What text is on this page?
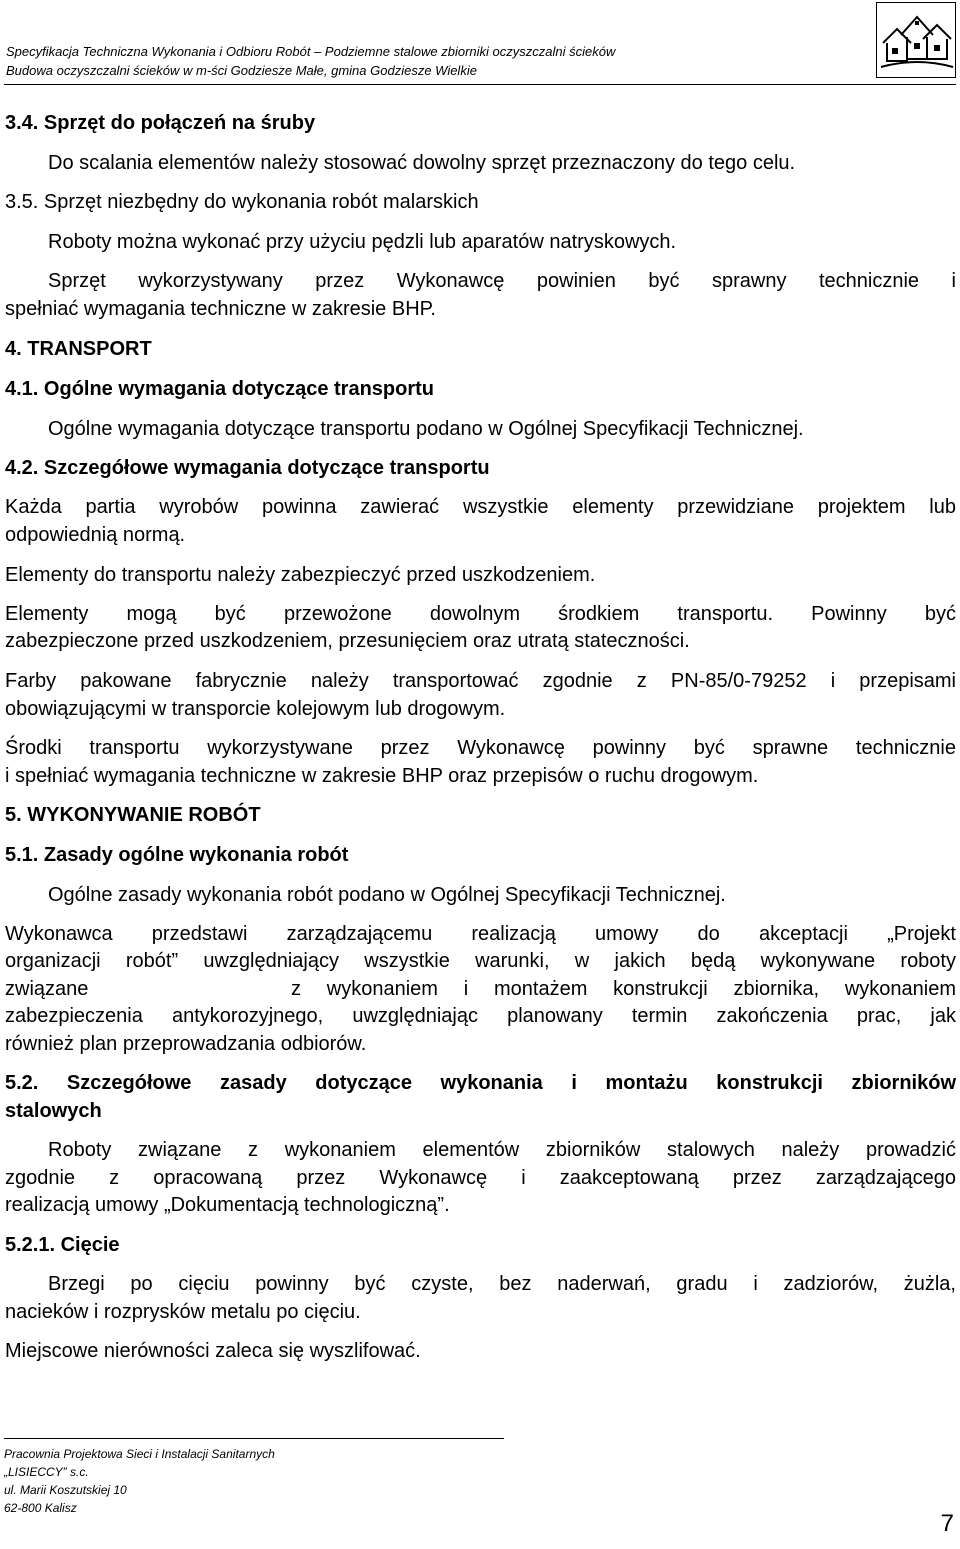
Specyfikacja Techniczna Wykonania i Odbioru Robót – Podziemne stalowe zbiorniki oczyszczalni ścieków
Budowa oczyszczalni ścieków w m-ści Godziesze Małe, gmina Godziesze Wielkie
3.4. Sprzęt do połączeń na śruby
Do scalania elementów należy stosować dowolny sprzęt przeznaczony do tego celu.
3.5. Sprzęt niezbędny do wykonania robót malarskich
Roboty można wykonać przy użyciu pędzli lub aparatów natryskowych.
Sprzęt wykorzystywany przez Wykonawcę powinien być sprawny technicznie i
spełniać wymagania techniczne w zakresie BHP.
4. TRANSPORT
4.1. Ogólne wymagania dotyczące transportu
Ogólne wymagania dotyczące transportu podano w Ogólnej Specyfikacji Technicznej.
4.2. Szczegółowe wymagania dotyczące transportu
Każda partia wyrobów powinna zawierać wszystkie elementy przewidziane projektem lub
odpowiednią normą.
Elementy do transportu należy zabezpieczyć przed uszkodzeniem.
Elementy mogą być przewożone dowolnym środkiem transportu. Powinny być
zabezpieczone przed uszkodzeniem, przesunięciem oraz utratą stateczności.
Farby pakowane fabrycznie należy transportować zgodnie z PN-85/0-79252 i przepisami
obowiązującymi w transporcie kolejowym lub drogowym.
Środki transportu wykorzystywane przez Wykonawcę powinny być sprawne technicznie
i spełniać wymagania techniczne w zakresie BHP oraz przepisów o ruchu drogowym.
5. WYKONYWANIE ROBÓT
5.1. Zasady ogólne wykonania robót
Ogólne zasady wykonania robót podano w Ogólnej Specyfikacji Technicznej.
Wykonawca przedstawi zarządzającemu realizacją umowy do akceptacji „Projekt
organizacji robót” uwzględniający wszystkie warunki, w jakich będą wykonywane roboty
związane	z wykonaniem i montażem konstrukcji zbiornika, wykonaniem
zabezpieczenia antykorozyjnego, uwzględniając planowany termin zakończenia prac, jak
również plan przeprowadzania odbiorów.
5.2. Szczegółowe zasady dotyczące wykonania i montażu konstrukcji zbiorników
stalowych
Roboty związane z wykonaniem elementów zbiorników stalowych należy prowadzić
zgodnie z opracowaną przez Wykonawcę i zaakceptowaną przez zarządzającego
realizacją umowy „Dokumentacją technologiczną”.
5.2.1. Cięcie
Brzegi po cięciu powinny być czyste, bez naderwań, gradu i zadziorów, żużla,
nacieków i rozprysków metalu po cięciu.
Miejscowe nierówności zaleca się wyszlifować.
Pracownia Projektowa Sieci i Instalacji Sanitarnych
„LISIECCY” s.c.
ul. Marii Koszutskiej 10
62-800 Kalisz
7
